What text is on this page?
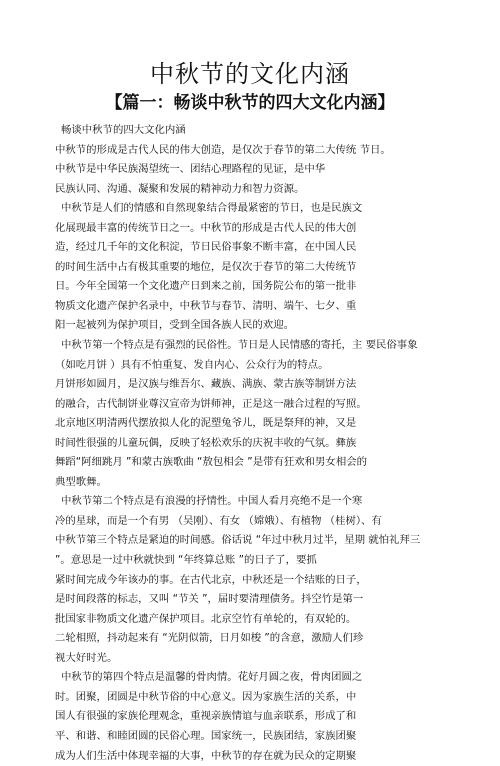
中秋节的文化内涵
【篇一：畅谈中秋节的四大文化内涵】
畅谈中秋节的四大文化内涵
中秋节的形成是古代人民的伟大创造，是仅次于春节的第二大传统 节日。
中秋节是中华民族渴望统一、团结心理路程的见证，是中华
民族认同、沟通、凝聚和发展的精神动力和智力资源。
中秋节是人们的情感和自然现象结合得最紧密的节日，也是民族文
化展现最丰富的传统节日之一。中秋节的形成是古代人民的伟大创
造，经过几千年的文化积淀，节日民俗事象不断丰富，在中国人民
的时间生活中占有极其重要的地位，是仅次于春节的第二大传统节
日。今年全国第一个文化遗产日到来之前，国务院公布的第一批非
物质文化遗产保护名录中，中秋节与春节、清明、端午、七夕、重
阳一起被列为保护项目，受到全国各族人民的欢迎。
中秋节第一个特点是有强烈的民俗性。节日是人民情感的寄托，主 要民俗事象
（如吃月饼 ）具有不怕重复、发自内心、公众行为的特点。
月饼形如圆月，是汉族与维吾尔、藏族、满族、蒙古族等制饼方法
的融合，古代制饼业尊汉宣帝为饼师神，正是这一融合过程的写照。
北京地区明清两代摆放拟人化的泥塑兔爷儿，既是祭拜的神，又是
时间性很强的儿童玩偶，反映了轻松欢乐的庆祝丰收的气氛。彝族
舞蹈“阿细跳月 ”和蒙古族歌曲 “敖包相会 ”是带有狂欢和男女相会的
典型歌舞。
中秋节第二个特点是有浪漫的抒情性。中国人看月亮绝不是一个寒
冷的星球，而是一个有男 （吴刚）、有女 （嫦娥）、有植物 （桂树）、有
中秋节第三个特点是紧迫的时间感。俗话说 “年过中秋月过半，星期 就怕礼拜三
”。意思是一过中秋就快到 “年终算总账 ”的日子了，要抓
紧时间完成今年该办的事。在古代北京，中秋还是一个结账的日子，
是时间段落的标志，又叫 “节关 ”，届时要清理债务。抖空竹是第一
批国家非物质文化遗产保护项目。北京空竹有单轮的，有双轮的。
二轮相照，抖动起来有 “光阴似箭，日月如梭 ”的含意，激励人们珍
视大好时光。
中秋节的第四个特点是温馨的骨肉情。花好月圆之夜，骨肉团圆之
时。团聚，团圆是中秋节俗的中心意义。因为家族生活的关系，中
国人有很强的家族伦理观念，重视亲族情谊与血亲联系，形成了和
平、和谐、和睦团圆的民俗心理。国家统一，民族团结，家族团聚
成为人们生活中体现幸福的大事，中秋节的存在就为民众的定期聚
